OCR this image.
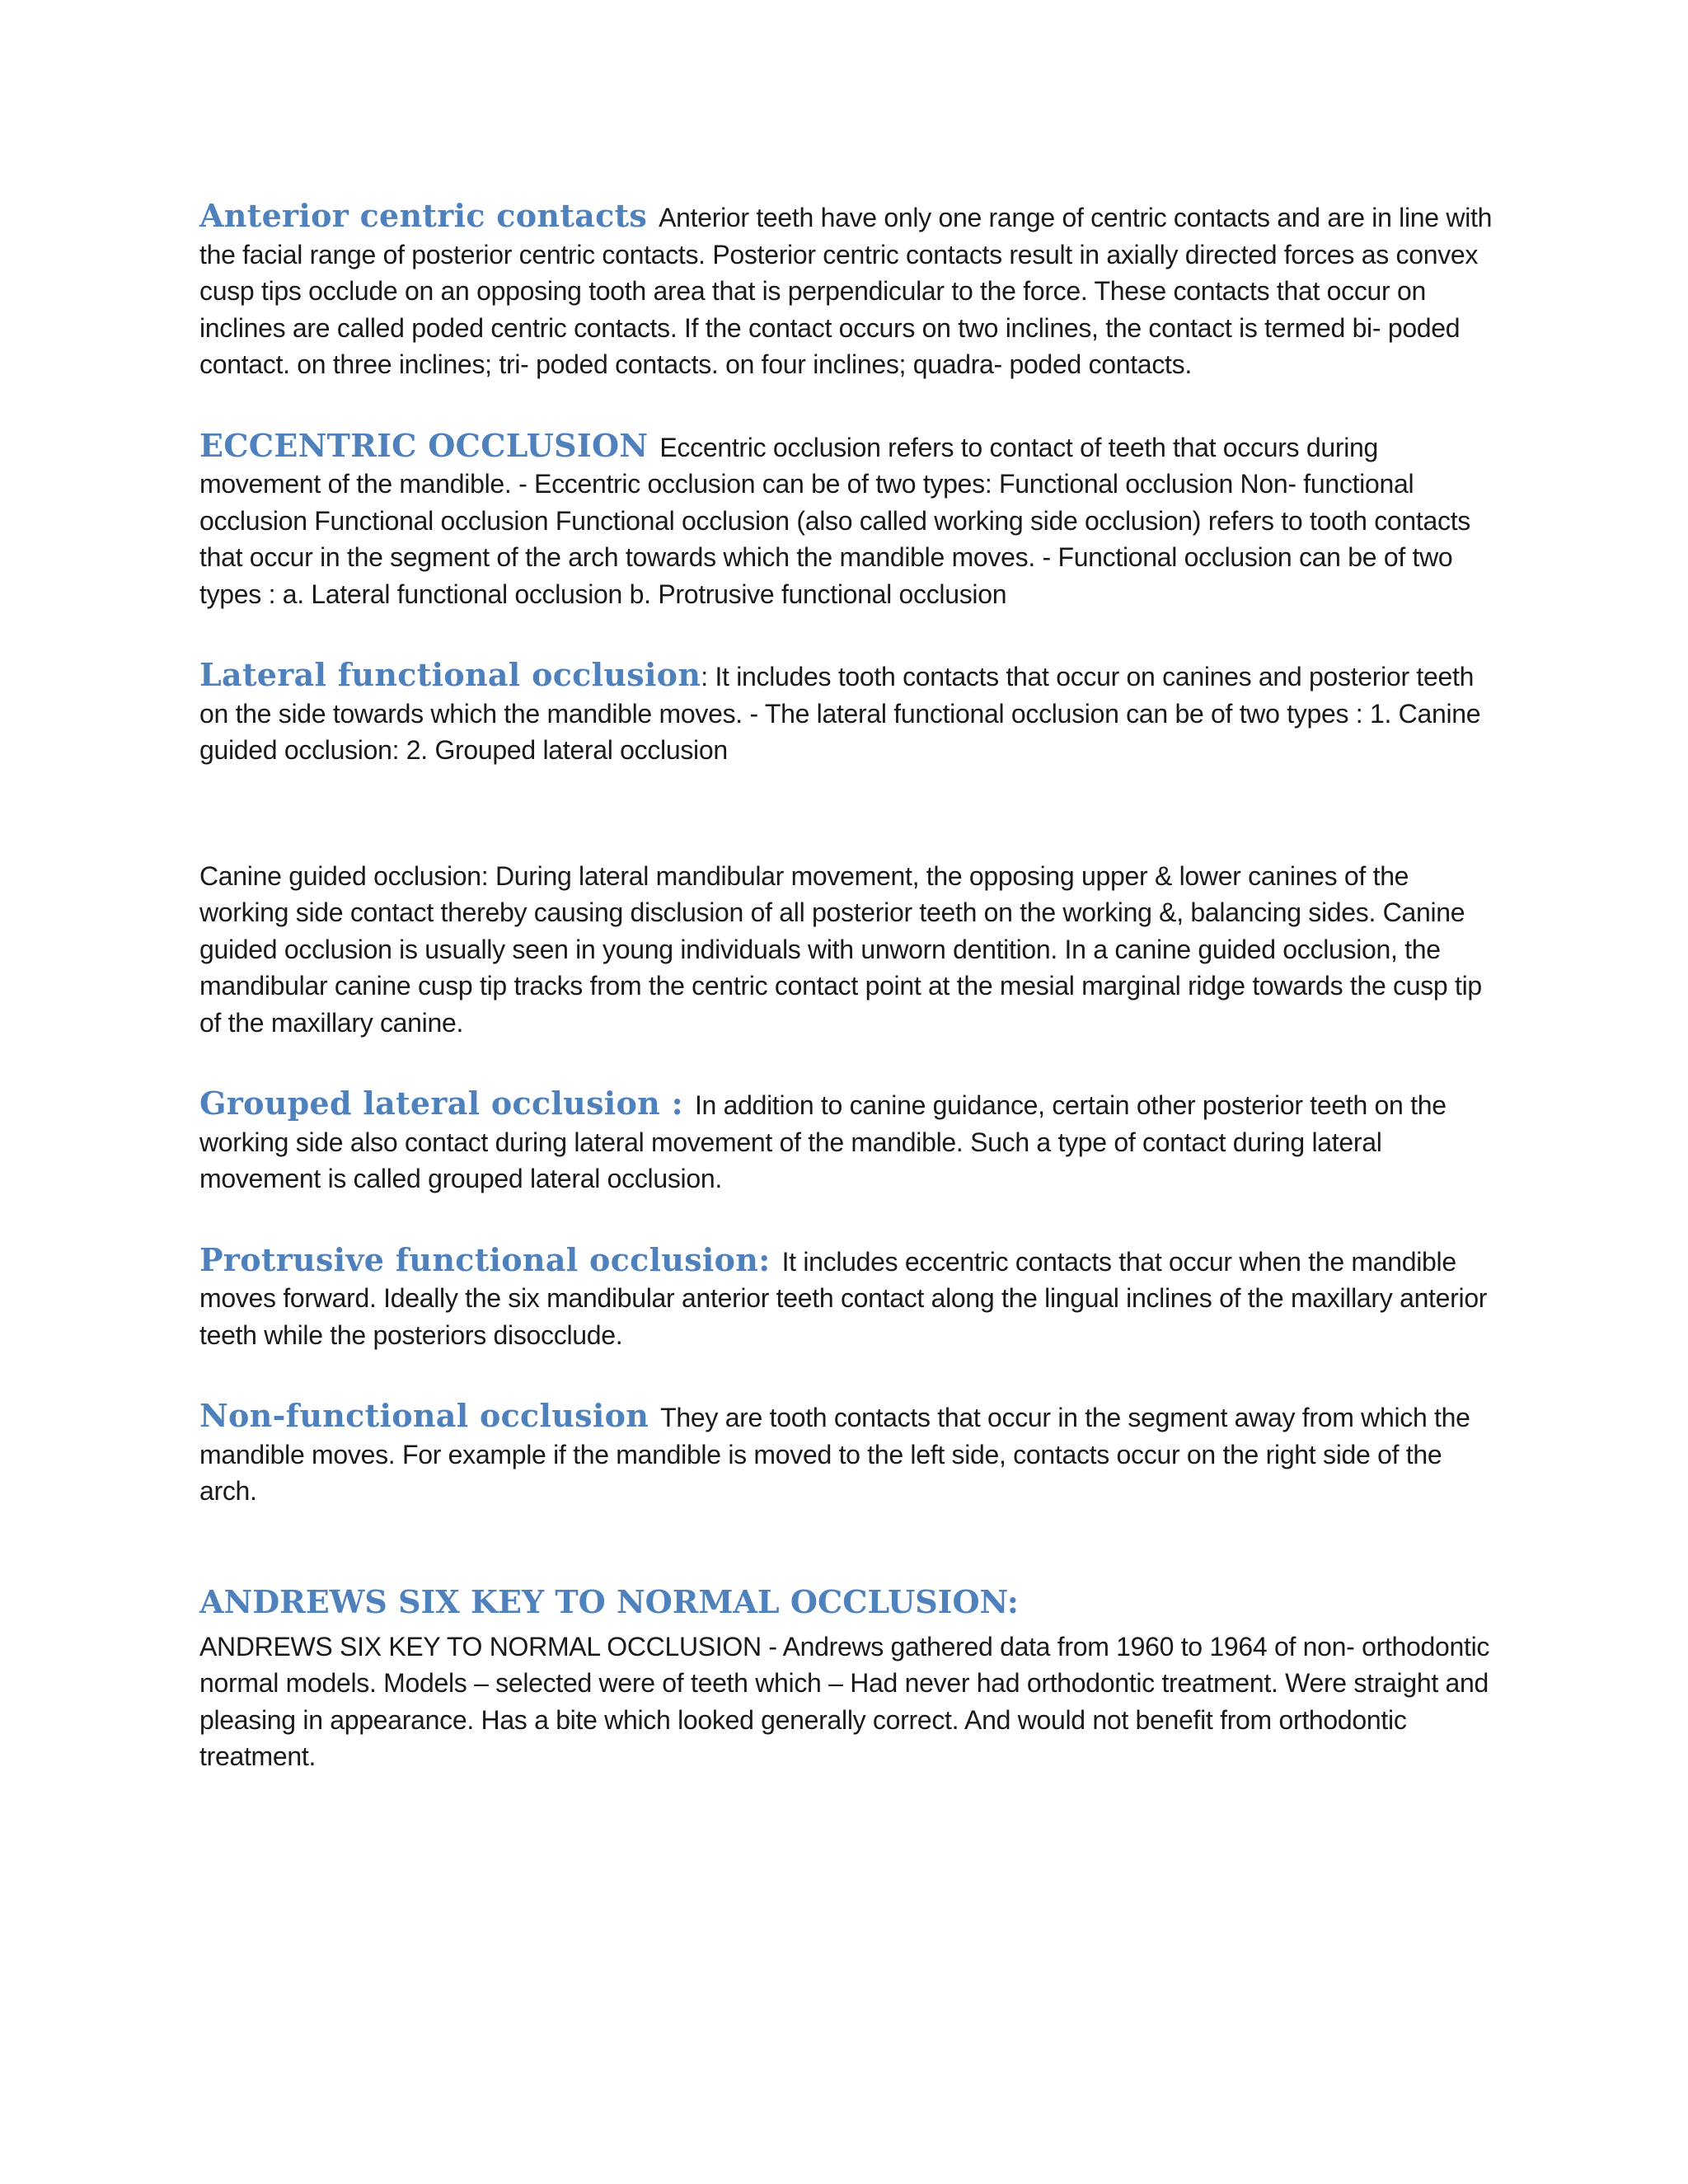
Anterior centric contacts Anterior teeth have only one range of centric contacts and are in line with the facial range of posterior centric contacts. Posterior centric contacts result in axially directed forces as convex cusp tips occlude on an opposing tooth area that is perpendicular to the force. These contacts that occur on inclines are called poded centric contacts. If the contact occurs on two inclines, the contact is termed bi- poded contact. on three inclines; tri- poded contacts. on four inclines; quadra- poded contacts.

ECCENTRIC OCCLUSION Eccentric occlusion refers to contact of teeth that occurs during movement of the mandible. - Eccentric occlusion can be of two types: Functional occlusion Non- functional occlusion Functional occlusion Functional occlusion (also called working side occlusion) refers to tooth contacts that occur in the segment of the arch towards which the mandible moves. - Functional occlusion can be of two types : a. Lateral functional occlusion b. Protrusive functional occlusion

Lateral functional occlusion: It includes tooth contacts that occur on canines and posterior teeth on the side towards which the mandible moves. - The lateral functional occlusion can be of two types : 1. Canine guided occlusion: 2. Grouped lateral occlusion

Canine guided occlusion: During lateral mandibular movement, the opposing upper & lower canines of the working side contact thereby causing disclusion of all posterior teeth on the working &, balancing sides. Canine guided occlusion is usually seen in young individuals with unworn dentition. In a canine guided occlusion, the mandibular canine cusp tip tracks from the centric contact point at the mesial marginal ridge towards the cusp tip of the maxillary canine.

Grouped lateral occlusion : In addition to canine guidance, certain other posterior teeth on the working side also contact during lateral movement of the mandible. Such a type of contact during lateral movement is called grouped lateral occlusion.

Protrusive functional occlusion: It includes eccentric contacts that occur when the mandible moves forward. Ideally the six mandibular anterior teeth contact along the lingual inclines of the maxillary anterior teeth while the posteriors disocclude.

Non-functional occlusion They are tooth contacts that occur in the segment away from which the mandible moves. For example if the mandible is moved to the left side, contacts occur on the right side of the arch.

ANDREWS SIX KEY TO NORMAL OCCLUSION:

ANDREWS SIX KEY TO NORMAL OCCLUSION - Andrews gathered data from 1960 to 1964 of non- orthodontic normal models. Models – selected were of teeth which – Had never had orthodontic treatment. Were straight and pleasing in appearance. Has a bite which looked generally correct. And would not benefit from orthodontic treatment.
